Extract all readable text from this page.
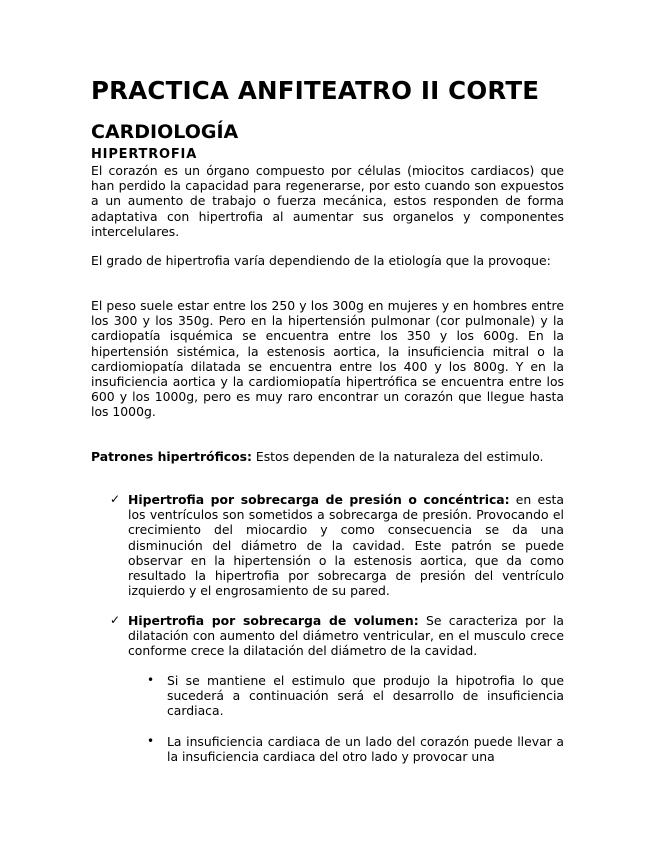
PRACTICA ANFITEATRO II CORTE
CARDIOLOGÍA
HIPERTROFIA

El corazón es un órgano compuesto por células (miocitos cardiacos) que han perdido la capacidad para regenerarse, por esto cuando son expuestos a un aumento de trabajo o fuerza mecánica, estos responden de forma adaptativa con hipertrofia al aumentar sus organelos y componentes intercelulares.

El grado de hipertrofia varía dependiendo de la etiología que la provoque:

El peso suele estar entre los 250 y los 300g en mujeres y en hombres entre los 300 y los 350g. Pero en la hipertensión pulmonar (cor pulmonale) y la cardiopatía isquémica se encuentra entre los 350 y los 600g. En la hipertensión sistémica, la estenosis aortica, la insuficiencia mitral o la cardiomiopatía dilatada se encuentra entre los 400 y los 800g. Y en la insuficiencia aortica y la cardiomiopatía hipertrófica se encuentra entre los 600 y los 1000g, pero es muy raro encontrar un corazón que llegue hasta los 1000g.

Patrones hipertróficos: Estos dependen de la naturaleza del estimulo.

✓ Hipertrofia por sobrecarga de presión o concéntrica: en esta los ventrículos son sometidos a sobrecarga de presión. Provocando el crecimiento del miocardio y como consecuencia se da una disminución del diámetro de la cavidad. Este patrón se puede observar en la hipertensión o la estenosis aortica, que da como resultado la hipertrofia por sobrecarga de presión del ventrículo izquierdo y el engrosamiento de su pared.

✓ Hipertrofia por sobrecarga de volumen: Se caracteriza por la dilatación con aumento del diámetro ventricular, en el musculo crece conforme crece la dilatación del diámetro de la cavidad.

• Si se mantiene el estimulo que produjo la hipotrofia lo que sucederá a continuación será el desarrollo de insuficiencia cardiaca.

• La insuficiencia cardiaca de un lado del corazón puede llevar a la insuficiencia cardiaca del otro lado y provocar una
